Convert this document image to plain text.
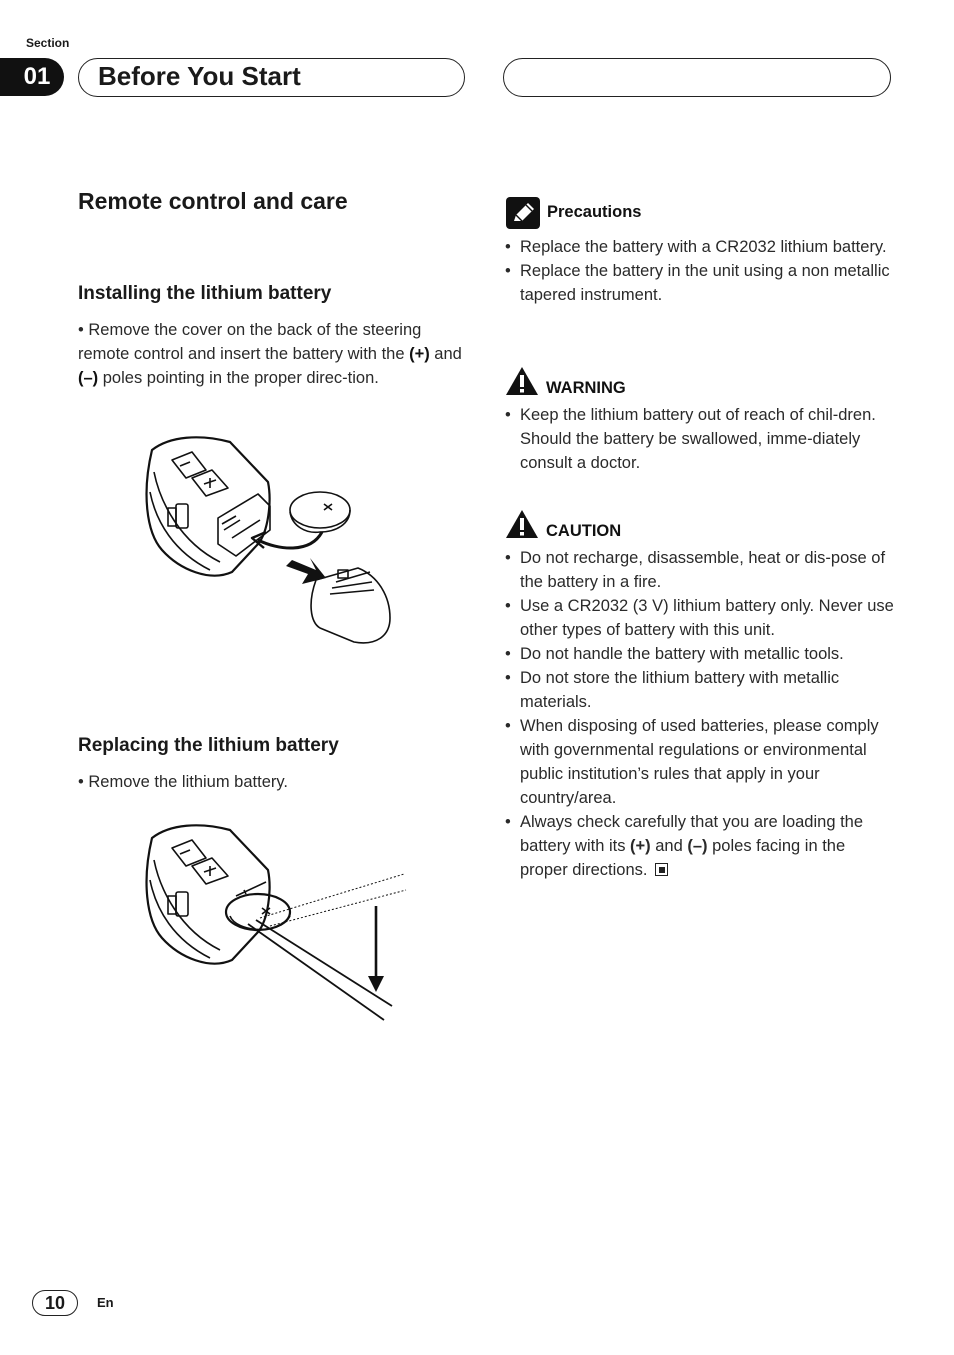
Section
01	Before You Start
Remote control and care
Installing the lithium battery
• Remove the cover on the back of the steering remote control and insert the battery with the (+) and (–) poles pointing in the proper direc-tion.
Replacing the lithium battery
• Remove the lithium battery.
Precautions
• Replace the battery with a CR2032 lithium battery.
• Replace the battery in the unit using a non metallic tapered instrument.
WARNING
• Keep the lithium battery out of reach of chil-dren. Should the battery be swallowed, imme-diately consult a doctor.
CAUTION
• Do not recharge, disassemble, heat or dis-pose of the battery in a fire.
• Use a CR2032 (3 V) lithium battery only. Never use other types of battery with this unit.
• Do not handle the battery with metallic tools.
• Do not store the lithium battery with metallic materials.
• When disposing of used batteries, please comply with governmental regulations or environmental public institution’s rules that apply in your country/area.
• Always check carefully that you are loading the battery with its (+) and (–) poles facing in the proper directions.
10	En
